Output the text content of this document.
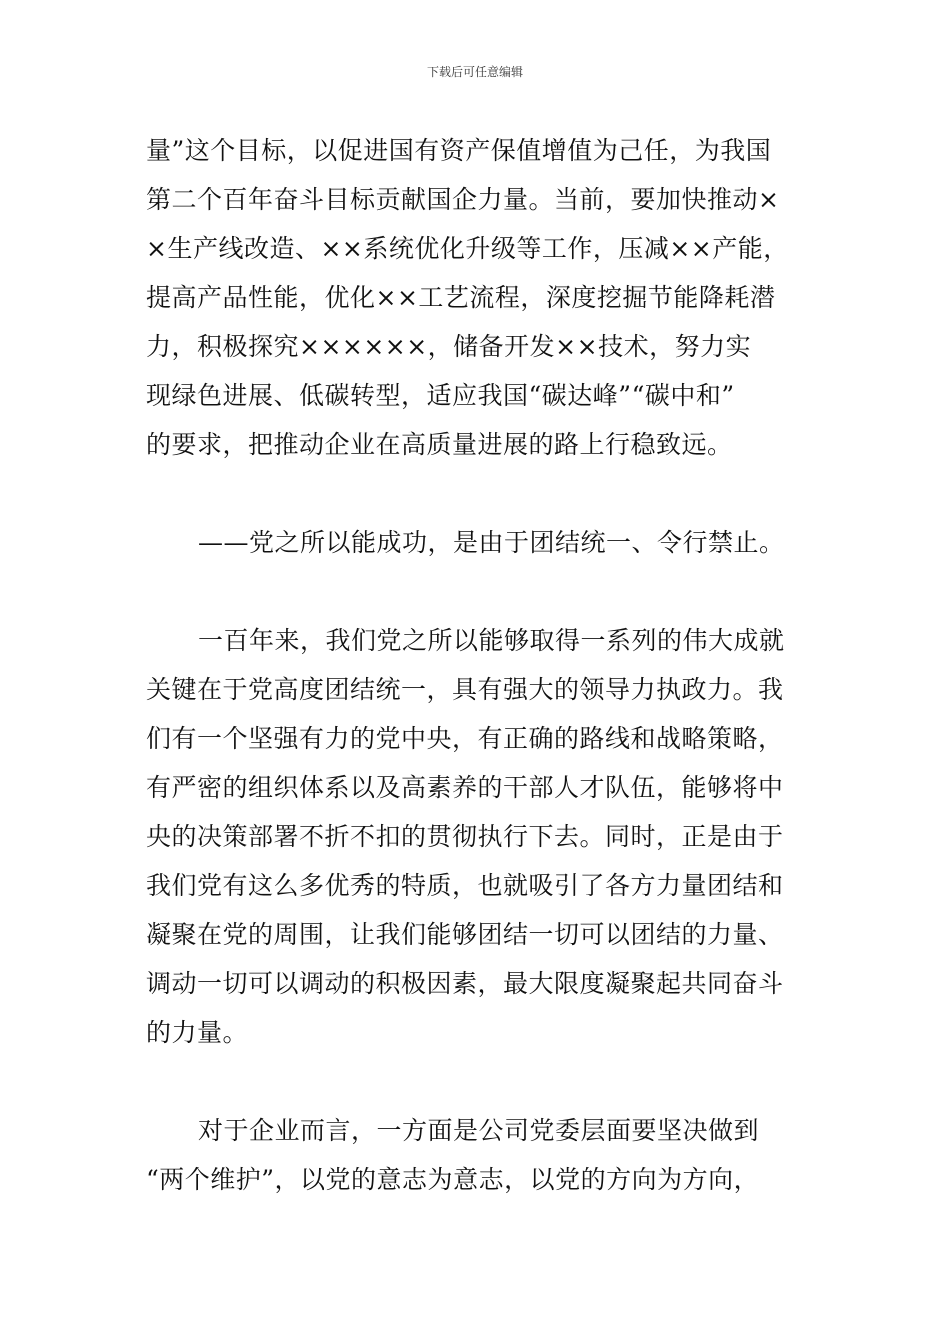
下载后可任意编辑
量”这个目标，以促进国有资产保值增值为己任，为我国
第二个百年奋斗目标贡献国企力量。当前，要加快推动×
×生产线改造、××系统优化升级等工作，压减××产能，
提高产品性能，优化××工艺流程，深度挖掘节能降耗潜
力，积极探究××××××，储备开发××技术，努力实
现绿色进展、低碳转型，适应我国“碳达峰”“碳中和”
的要求，把推动企业在高质量进展的路上行稳致远。
——党之所以能成功，是由于团结统一、令行禁止。
一百年来，我们党之所以能够取得一系列的伟大成就
关键在于党高度团结统一，具有强大的领导力执政力。我
们有一个坚强有力的党中央，有正确的路线和战略策略，
有严密的组织体系以及高素养的干部人才队伍，能够将中
央的决策部署不折不扣的贯彻执行下去。同时，正是由于
我们党有这么多优秀的特质，也就吸引了各方力量团结和
凝聚在党的周围，让我们能够团结一切可以团结的力量、
调动一切可以调动的积极因素，最大限度凝聚起共同奋斗
的力量。
对于企业而言，一方面是公司党委层面要坚决做到
“两个维护”，以党的意志为意志，以党的方向为方向，
